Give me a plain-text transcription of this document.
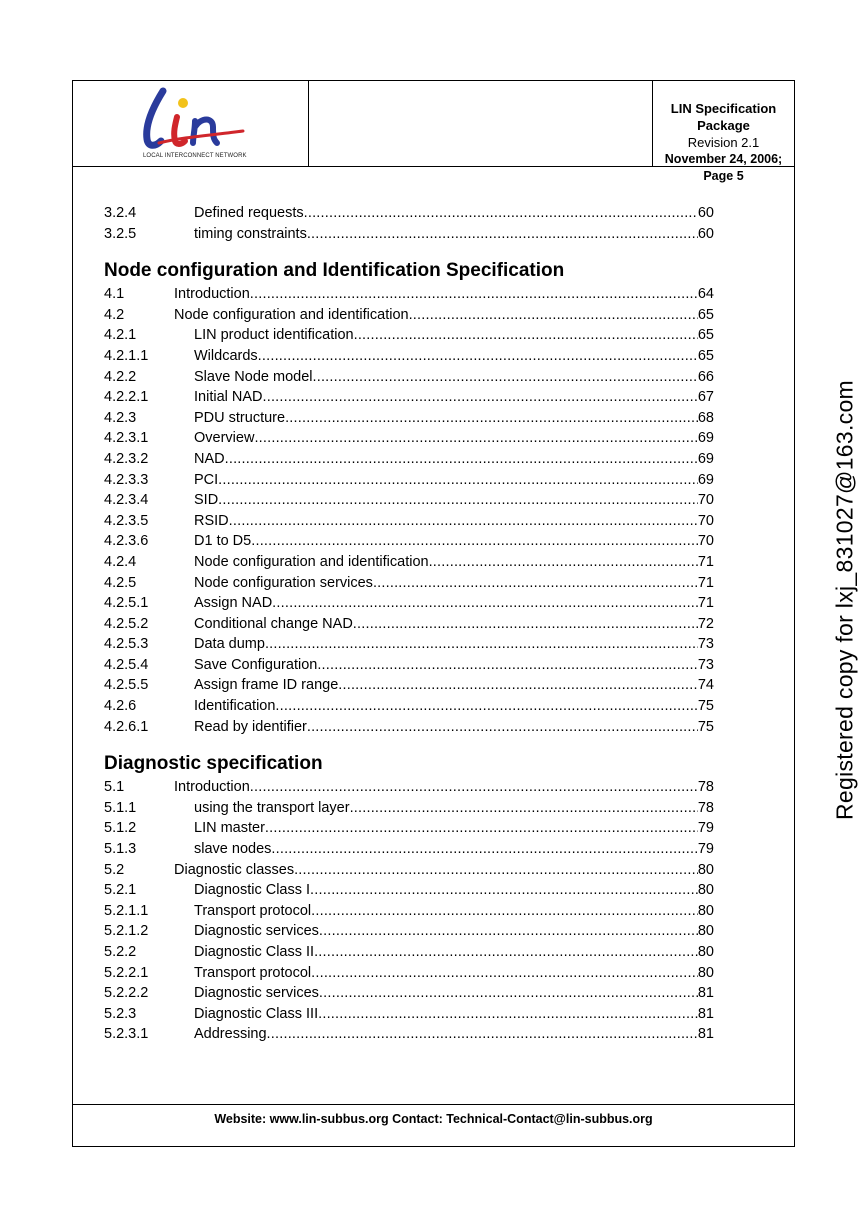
LOCAL INTERCONNECT NETWORK
LIN Specification Package
Revision 2.1
November 24, 2006; Page 5
3.2.4	Defined requests .....	60
3.2.5	timing constraints .....	60
Node configuration and Identification Specification
4.1	Introduction .....	64
4.2	Node configuration and identification .....	65
4.2.1	LIN product identification .....	65
4.2.1.1	Wildcards .....	65
4.2.2	Slave Node model .....	66
4.2.2.1	Initial NAD .....	67
4.2.3	PDU structure .....	68
4.2.3.1	Overview .....	69
4.2.3.2	NAD .....	69
4.2.3.3	PCI .....	69
4.2.3.4	SID .....	70
4.2.3.5	RSID .....	70
4.2.3.6	D1 to D5 .....	70
4.2.4	Node configuration and identification .....	71
4.2.5	Node configuration services .....	71
4.2.5.1	Assign NAD .....	71
4.2.5.2	Conditional change NAD .....	72
4.2.5.3	Data dump .....	73
4.2.5.4	Save Configuration .....	73
4.2.5.5	Assign frame ID range .....	74
4.2.6	Identification .....	75
4.2.6.1	Read by identifier .....	75
Diagnostic specification
5.1	Introduction .....	78
5.1.1	using the transport layer .....	78
5.1.2	LIN master .....	79
5.1.3	slave nodes .....	79
5.2	Diagnostic classes .....	80
5.2.1	Diagnostic Class I .....	80
5.2.1.1	Transport protocol .....	80
5.2.1.2	Diagnostic services .....	80
5.2.2	Diagnostic Class II .....	80
5.2.2.1	Transport protocol .....	80
5.2.2.2	Diagnostic services .....	81
5.2.3	Diagnostic Class III .....	81
5.2.3.1	Addressing .....	81
Website: www.lin-subbus.org Contact: Technical-Contact@lin-subbus.org
Registered copy for lxj_831027@163.com
